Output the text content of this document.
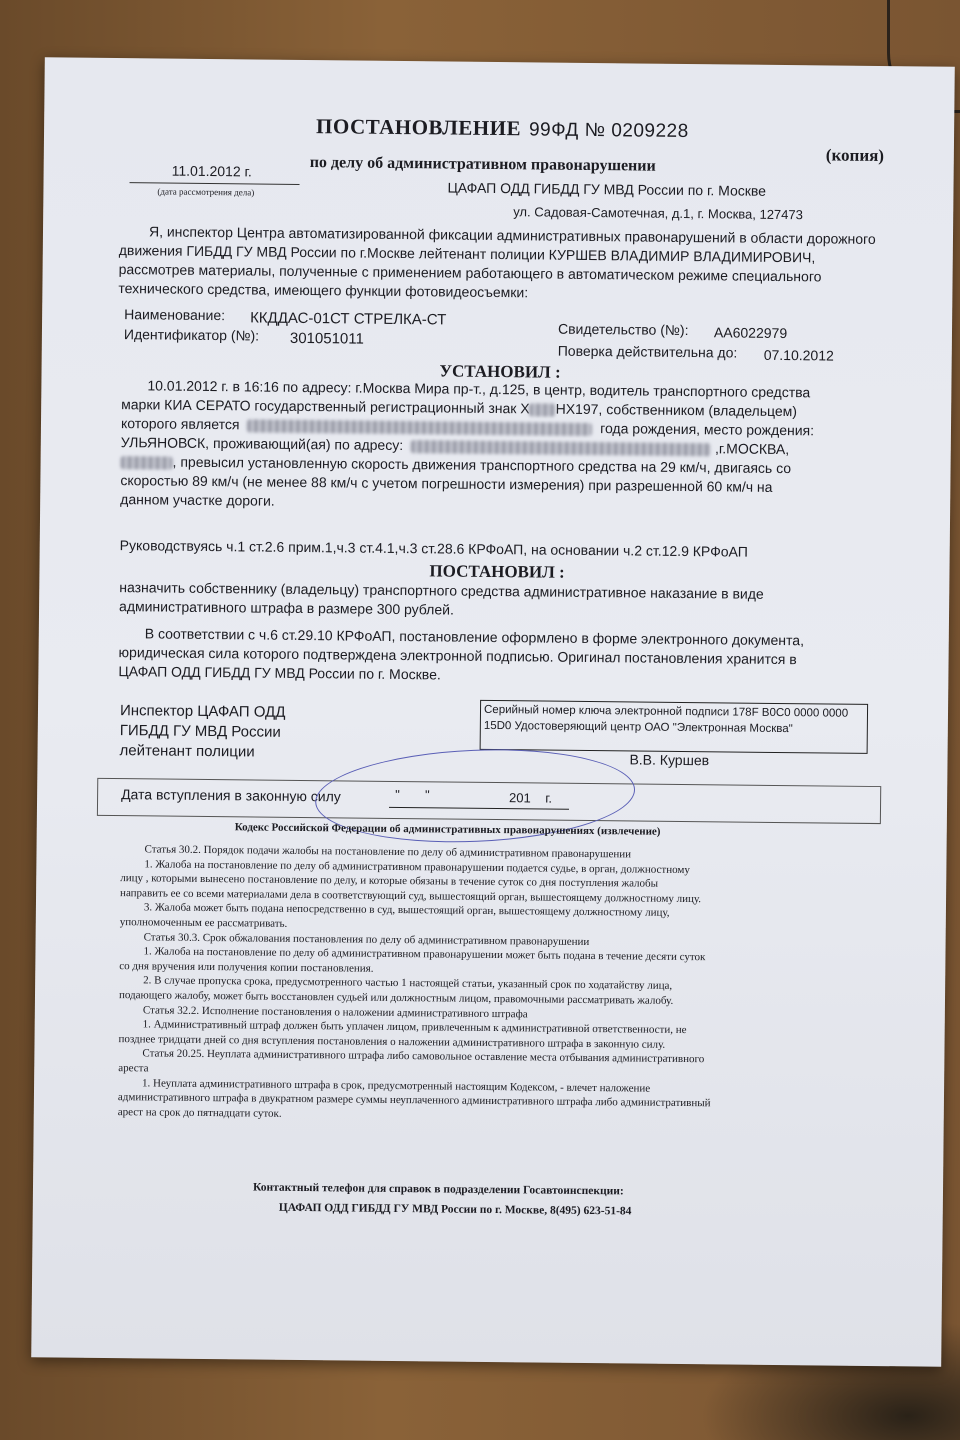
ПОСТАНОВЛЕНИЕ 99ФД № 0209228
по делу об административном правонарушении	(копия)
11.01.2012 г.
(дата рассмотрения дела)	ЦАФАП ОДД ГИБДД ГУ МВД России по г. Москве
ул. Садовая-Самотечная, д.1, г. Москва, 127473
Я, инспектор Центра автоматизированной фиксации административных правонарушений в области дорожного движения ГИБДД ГУ МВД России по г.Москве лейтенант полиции КУРШЕВ ВЛАДИМИР ВЛАДИМИРОВИЧ, рассмотрев материалы, полученные с применением работающего в автоматическом режиме специального технического средства, имеющего функции фотовидеосъемки:
Наименование: ККДДАС-01СТ СТРЕЛКА-СТ
Идентификатор (№): 301051011
Свидетельство (№): АА6022979
Поверка действительна до: 07.10.2012
УСТАНОВИЛ :
10.01.2012 г. в 16:16 по адресу: г.Москва Мира пр-т., д.125, в центр, водитель транспортного средства
марки КИА СЕРАТО государственный регистрационный знак Х НХ197, собственником (владельцем)
которого является	года рождения, место рождения:
УЛЬЯНОВСК, проживающий(ая) по адресу:	,г.МОСКВА,
, превысил установленную скорость движения транспортного средства на 29 км/ч, двигаясь со
скоростью 89 км/ч (не менее 88 км/ч с учетом погрешности измерения) при разрешенной 60 км/ч на
данном участке дороги.
Руководствуясь ч.1 ст.2.6 прим.1,ч.3 ст.4.1,ч.3 ст.28.6 КРФоАП, на основании ч.2 ст.12.9 КРФоАП
ПОСТАНОВИЛ :
назначить собственнику (владельцу) транспортного средства административное наказание в виде
административного штрафа в размере 300 рублей.
В соответствии с ч.6 ст.29.10 КРФоАП, постановление оформлено в форме электронного документа,
юридическая сила которого подтверждена электронной подписью. Оригинал постановления хранится в
ЦАФАП ОДД ГИБДД ГУ МВД России по г. Москве.
Инспектор ЦАФАП ОДД
ГИБДД ГУ МВД России
лейтенант полиции
Серийный номер ключа электронной подписи 178F B0C0 0000 0000 15D0 Удостоверяющий центр ОАО "Электронная Москва"
В.В. Куршев
Дата вступления в законную силу	"       "	201    г.
Кодекс Российской Федерации об административных правонарушениях (извлечение)

Статья 30.2. Порядок подачи жалобы на постановление по делу об административном правонарушении

1. Жалоба на постановление по делу об административном правонарушении подается судье, в орган, должностному

лицу , которыми вынесено постановление по делу, и которые обязаны в течение суток со дня поступления жалобы

направить ее со всеми материалами дела в соответствующий суд, вышестоящий орган, вышестоящему должностному лицу.

3. Жалоба может быть подана непосредственно в суд, вышестоящий орган, вышестоящему должностному лицу,

уполномоченным ее рассматривать.

Статья 30.3. Срок обжалования постановления по делу об административном правонарушении

1. Жалоба на постановление по делу об административном правонарушении может быть подана в течение десяти суток

со дня вручения или получения копии постановления.

2. В случае пропуска срока, предусмотренного частью 1 настоящей статьи, указанный срок по ходатайству лица,

подающего жалобу, может быть восстановлен судьей или должностным лицом, правомочными рассматривать жалобу.

Статья 32.2. Исполнение постановления о наложении административного штрафа

1. Административный штраф должен быть уплачен лицом, привлеченным к административной ответственности, не

позднее тридцати дней со дня вступления постановления о наложении административного штрафа в законную силу.

Статья 20.25. Неуплата административного штрафа либо самовольное оставление места отбывания административного

ареста

1. Неуплата административного штрафа в срок, предусмотренный настоящим Кодексом, - влечет наложение

административного штрафа в двукратном размере суммы неуплаченного административного штрафа либо административный

арест на срок до пятнадцати суток.

Контактный телефон для справок в подразделении Госавтоинспекции:
ЦАФАП ОДД ГИБДД ГУ МВД России по г. Москве, 8(495) 623-51-84
